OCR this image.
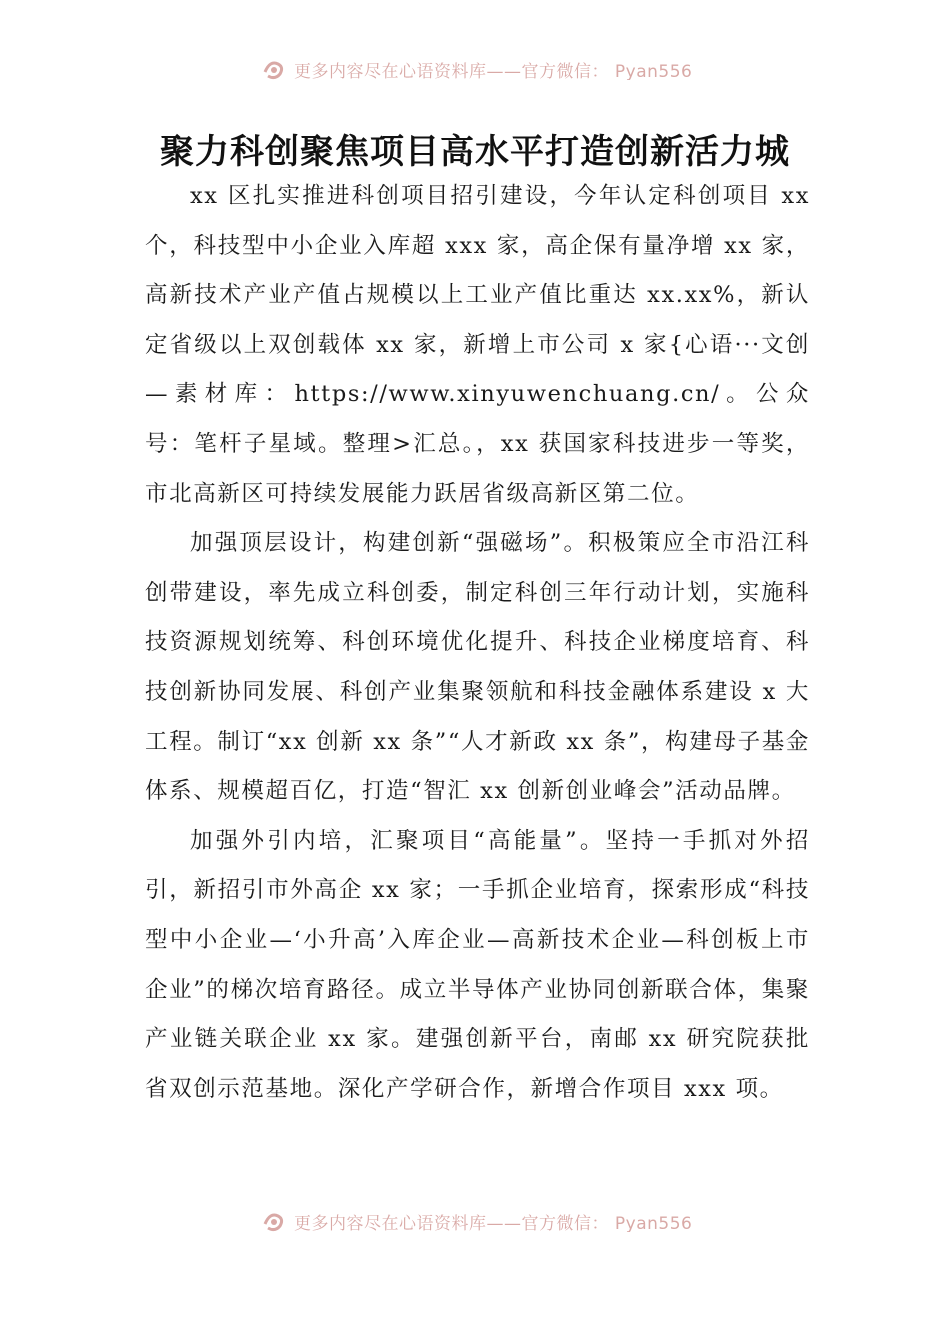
更多内容尽在心语资料库——官方微信： Pyan556
聚力科创聚焦项目高水平打造创新活力城

xx 区扎实推进科创项目招引建设，今年认定科创项目 xx 个，科技型中小企业入库超 xxx 家，高企保有量净增 xx 家，高新技术产业产值占规模以上工业产值比重达 xx.xx%，新认定省级以上双创载体 xx 家，新增上市公司 x 家{心语···文创—素材库：https://www.xinyuwenchuang.cn/。公众号：笔杆子星域。整理>汇总。，xx 获国家科技进步一等奖，市北高新区可持续发展能力跃居省级高新区第二位。

加强顶层设计，构建创新“强磁场”。积极策应全市沿江科创带建设，率先成立科创委，制定科创三年行动计划，实施科技资源规划统筹、科创环境优化提升、科技企业梯度培育、科技创新协同发展、科创产业集聚领航和科技金融体系建设 x 大工程。制订“xx 创新 xx 条”“人才新政 xx 条”，构建母子基金体系、规模超百亿，打造“智汇 xx 创新创业峰会”活动品牌。

加强外引内培，汇聚项目“高能量”。坚持一手抓对外招引，新招引市外高企 xx 家；一手抓企业培育，探索形成“科技型中小企业—‘小升高’入库企业—高新技术企业—科创板上市企业”的梯次培育路径。成立半导体产业协同创新联合体，集聚产业链关联企业 xx 家。建强创新平台，南邮 xx 研究院获批省双创示范基地。深化产学研合作，新增合作项目 xxx 项。

更多内容尽在心语资料库——官方微信： Pyan556
